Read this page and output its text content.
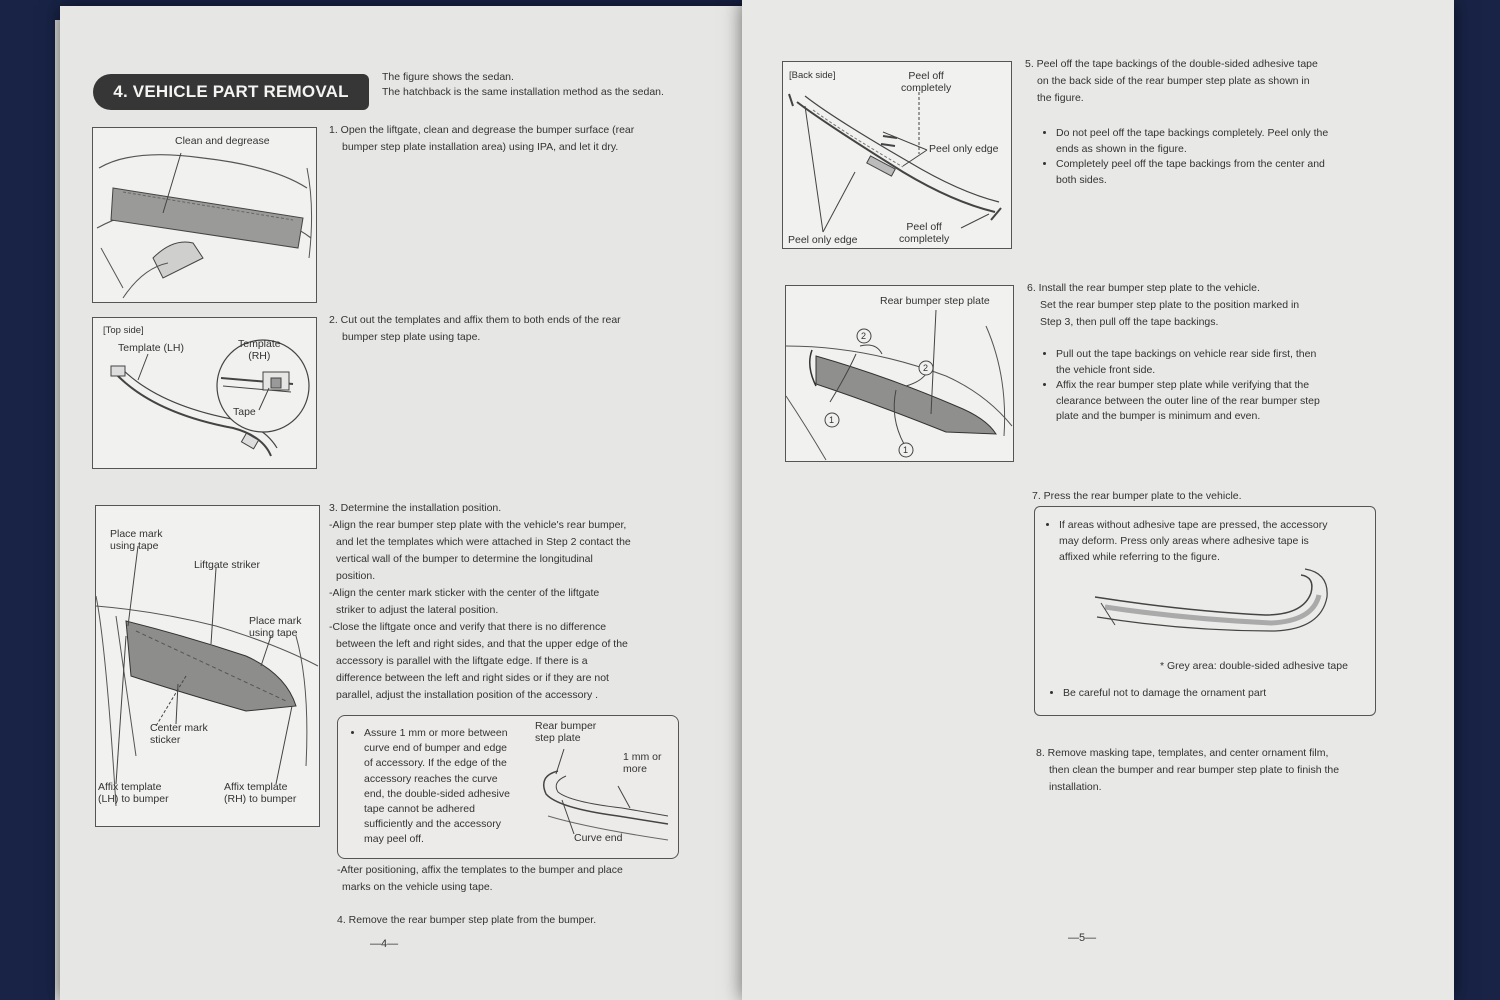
4. VEHICLE PART REMOVAL
The figure shows the sedan.
The hatchback is the same installation method as the sedan.
Clean and degrease
1. Open the liftgate, clean and degrease the bumper surface (rear
bumper step plate installation area) using IPA, and let it dry.
[Top side]
Template (LH)	Template
(RH)
Tape
2. Cut out the templates and affix them to both ends of the rear
bumper step plate using tape.
Place mark
using tape
Liftgate striker
Place mark
using tape
Center mark
sticker
Affix template
(LH) to bumper
Affix template
(RH) to bumper
3. Determine the installation position.
-Align the rear bumper step plate with the vehicle's rear bumper,
and let the templates which were attached in Step 2 contact the
vertical wall of the bumper to determine the longitudinal
position.
-Align the center mark sticker with the center of the liftgate
striker to adjust the lateral position.
-Close the liftgate once and verify that there is no difference
between the left and right sides, and that the upper edge of the
accessory is parallel with the liftgate edge. If there is a
difference between the left and right sides or if they are not
parallel, adjust the installation position of the accessory .
• Assure 1 mm or more between
curve end of bumper and edge
of accessory. If the edge of the
accessory reaches the curve
end, the double-sided adhesive
tape cannot be adhered
sufficiently and the accessory
may peel off.
Rear bumper
step plate
1 mm or
more
Curve end
-After positioning, affix the templates to the bumper and place
marks on the vehicle using tape.
4. Remove the rear bumper step plate from the bumper.
—4—
[Back side]	Peel off
completely
Peel only edge
Peel only edge
Peel off
completely
5. Peel off the tape backings of the double-sided adhesive tape
on the back side of the rear bumper step plate as shown in
the figure.
• Do not peel off the tape backings completely. Peel only the
ends as shown in the figure.
• Completely peel off the tape backings from the center and
both sides.
Rear bumper step plate
2
2
1
1
6. Install the rear bumper step plate to the vehicle.
Set the rear bumper step plate to the position marked in
Step 3, then pull off the tape backings.
• Pull out the tape backings on vehicle rear side first, then
the vehicle front side.
• Affix the rear bumper step plate while verifying that the
clearance between the outer line of the rear bumper step
plate and the bumper is minimum and even.
7. Press the rear bumper plate to the vehicle.
• If areas without adhesive tape are pressed, the accessory
may deform. Press only areas where adhesive tape is
affixed while referring to the figure.
* Grey area: double-sided adhesive tape
• Be careful not to damage the ornament part
8. Remove masking tape, templates, and center ornament film,
then clean the bumper and rear bumper step plate to finish the
installation.
—5—
